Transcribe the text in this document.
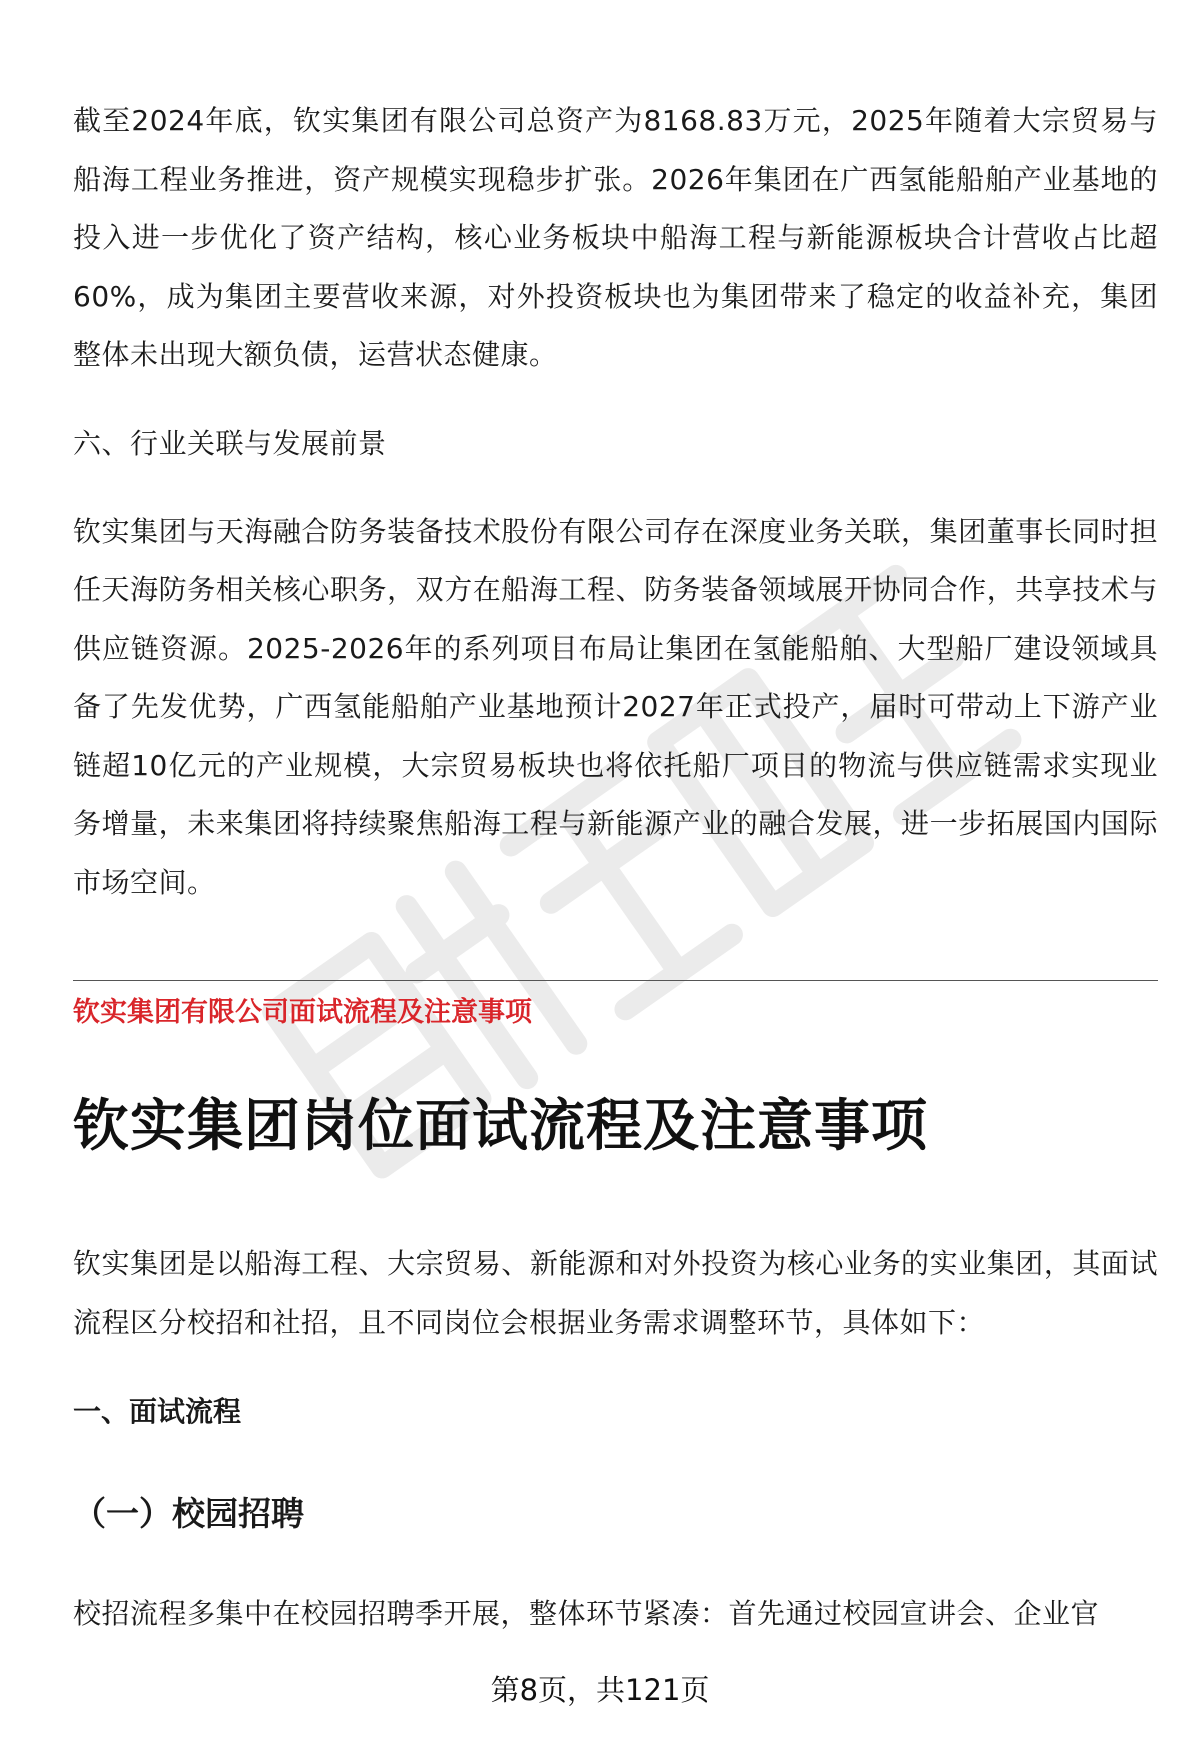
截至2024年底，钦实集团有限公司总资产为8168.83万元，2025年随着大宗贸易与船海工程业务推进，资产规模实现稳步扩张。2026年集团在广西氢能船舶产业基地的投入进一步优化了资产结构，核心业务板块中船海工程与新能源板块合计营收占比超60%，成为集团主要营收来源，对外投资板块也为集团带来了稳定的收益补充，集团整体未出现大额负债，运营状态健康。

六、行业关联与发展前景

钦实集团与天海融合防务装备技术股份有限公司存在深度业务关联，集团董事长同时担任天海防务相关核心职务，双方在船海工程、防务装备领域展开协同合作，共享技术与供应链资源。2025-2026年的系列项目布局让集团在氢能船舶、大型船厂建设领域具备了先发优势，广西氢能船舶产业基地预计2027年正式投产，届时可带动上下游产业链超10亿元的产业规模，大宗贸易板块也将依托船厂项目的物流与供应链需求实现业务增量，未来集团将持续聚焦船海工程与新能源产业的融合发展，进一步拓展国内国际市场空间。

钦实集团有限公司面试流程及注意事项
钦实集团岗位面试流程及注意事项

钦实集团是以船海工程、大宗贸易、新能源和对外投资为核心业务的实业集团，其面试流程区分校招和社招，且不同岗位会根据业务需求调整环节，具体如下：

一、面试流程
（一）校园招聘

校招流程多集中在校园招聘季开展，整体环节紧凑：首先通过校园宣讲会、企业官

第8页，共121页
